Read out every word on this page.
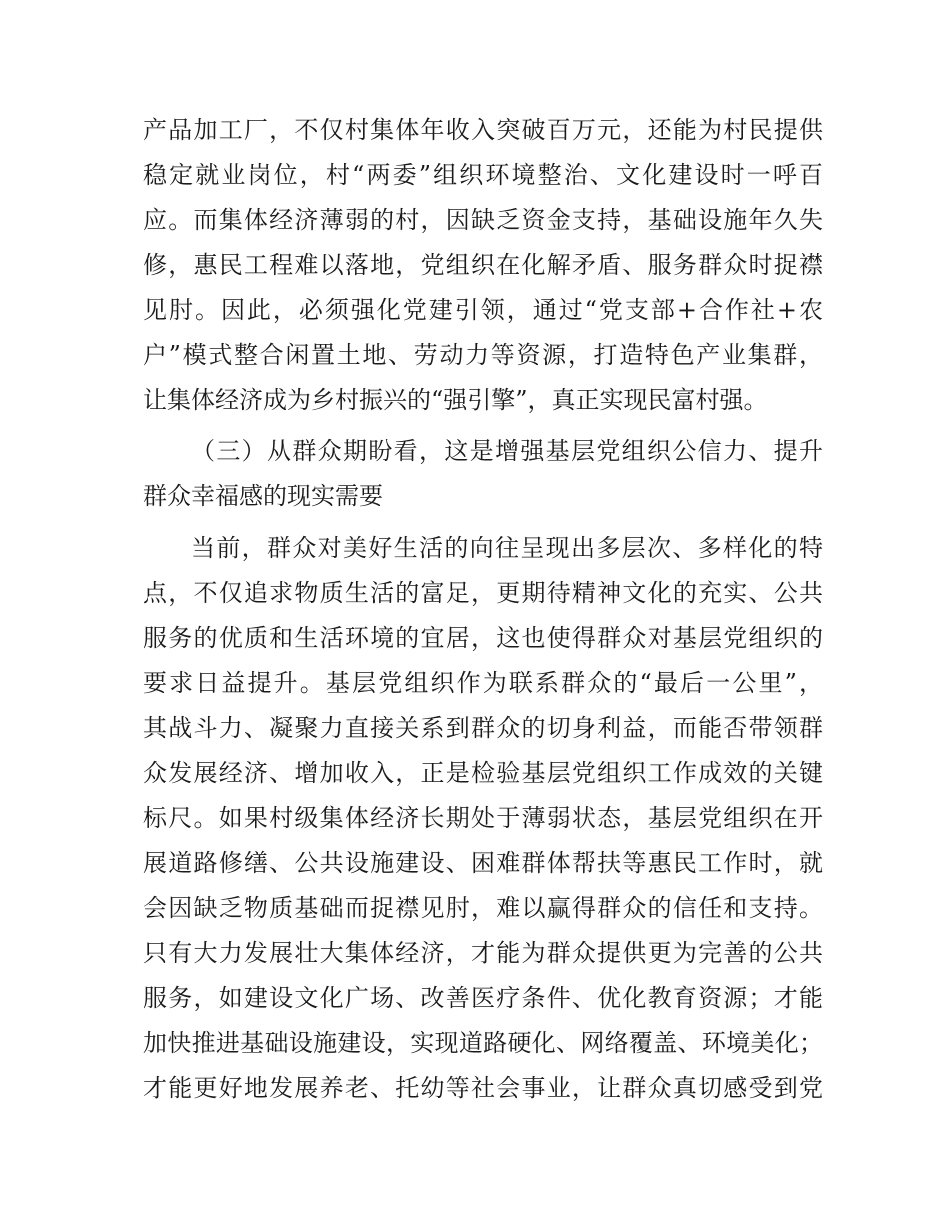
产品加工厂，不仅村集体年收入突破百万元，还能为村民提供
稳定就业岗位，村“两委”组织环境整治、文化建设时一呼百
应。而集体经济薄弱的村，因缺乏资金支持，基础设施年久失
修，惠民工程难以落地，党组织在化解矛盾、服务群众时捉襟
见肘。因此，必须强化党建引领，通过“党支部+合作社+农
户”模式整合闲置土地、劳动力等资源，打造特色产业集群，
让集体经济成为乡村振兴的“强引擎”，真正实现民富村强。
（三）从群众期盼看，这是增强基层党组织公信力、提升
群众幸福感的现实需要
当前，群众对美好生活的向往呈现出多层次、多样化的特
点，不仅追求物质生活的富足，更期待精神文化的充实、公共
服务的优质和生活环境的宜居，这也使得群众对基层党组织的
要求日益提升。基层党组织作为联系群众的“最后一公里”，
其战斗力、凝聚力直接关系到群众的切身利益，而能否带领群
众发展经济、增加收入，正是检验基层党组织工作成效的关键
标尺。如果村级集体经济长期处于薄弱状态，基层党组织在开
展道路修缮、公共设施建设、困难群体帮扶等惠民工作时，就
会因缺乏物质基础而捉襟见肘，难以赢得群众的信任和支持。
只有大力发展壮大集体经济，才能为群众提供更为完善的公共
服务，如建设文化广场、改善医疗条件、优化教育资源；才能
加快推进基础设施建设，实现道路硬化、网络覆盖、环境美化；
才能更好地发展养老、托幼等社会事业，让群众真切感受到党
